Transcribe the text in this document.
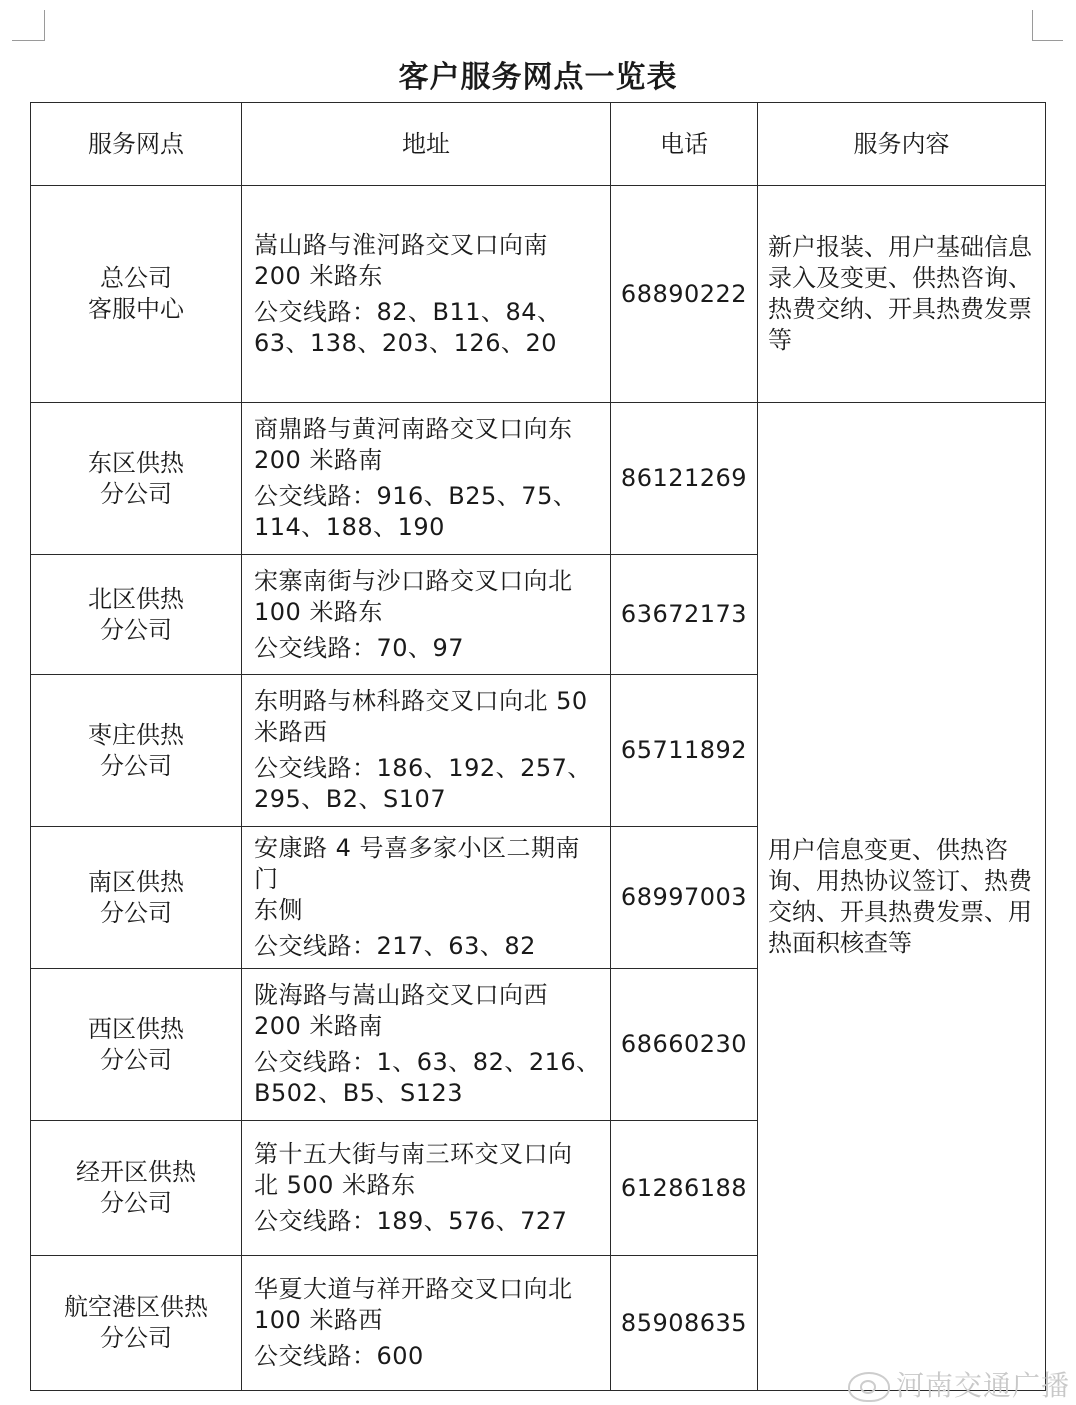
客户服务网点一览表
服务网点	地址	电话	服务内容

总公司
客服中心	嵩山路与淮河路交叉口向南
200 米路东
公交线路：82、B11、84、63、138、203、126、20	68890222	新户报装、用户基础信息录入及变更、供热咨询、热费交纳、开具热费发票等

东区供热
分公司	商鼎路与黄河南路交叉口向东
200 米路南
公交线路：916、B25、75、114、188、190	86121269	用户信息变更、供热咨询、用热协议签订、热费交纳、开具热费发票、用热面积核查等

北区供热
分公司	宋寨南街与沙口路交叉口向北
100 米路东
公交线路：70、97	63672173	

枣庄供热
分公司	东明路与林科路交叉口向北 50
米路西
公交线路：186、192、257、295、B2、S107	65711892	

南区供热
分公司	安康路 4 号喜多家小区二期南门
东侧
公交线路：217、63、82	68997003	

西区供热
分公司	陇海路与嵩山路交叉口向西
200 米路南
公交线路：1、63、82、216、B502、B5、S123	68660230	

经开区供热
分公司	第十五大街与南三环交叉口向
北 500 米路东
公交线路：189、576、727	61286188	

航空港区供热
分公司	华夏大道与祥开路交叉口向北
100 米路西
公交线路：600	85908635	
河南交通广播
